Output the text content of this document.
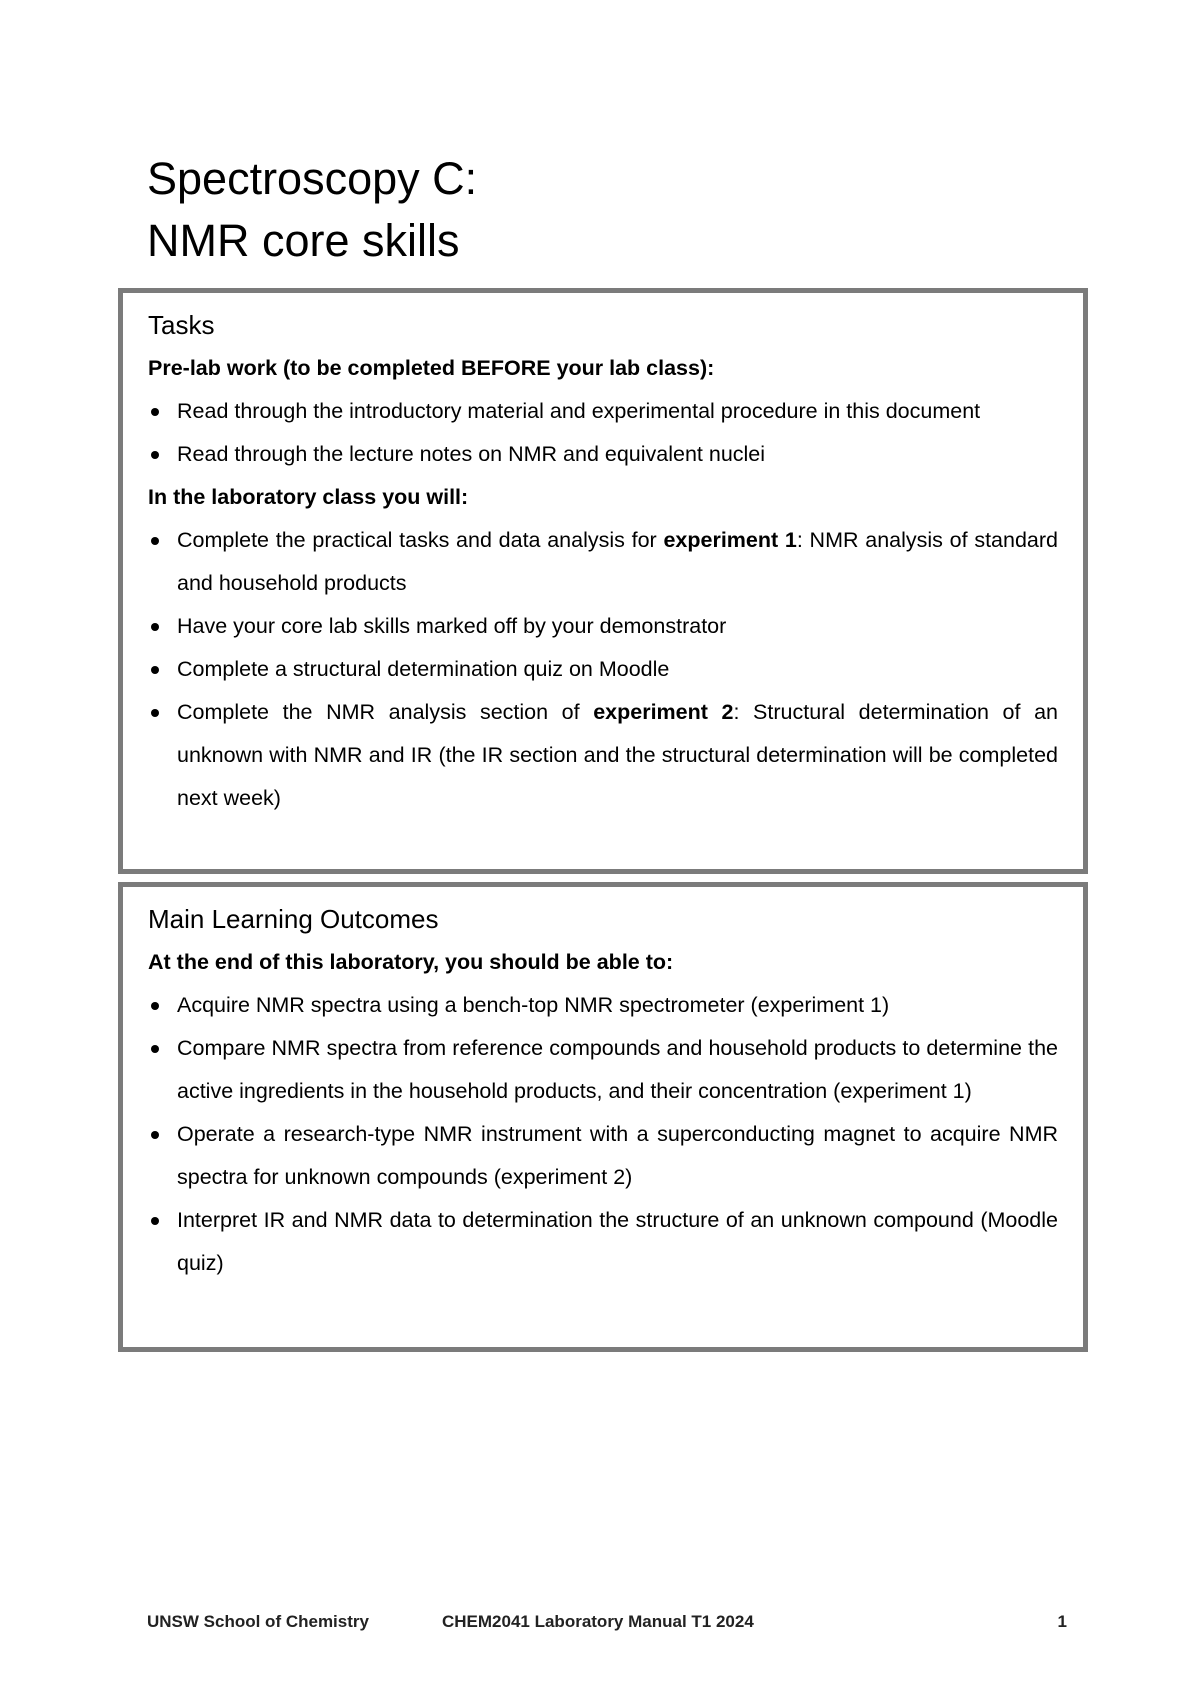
Spectroscopy C:
NMR core skills
Tasks
Pre-lab work (to be completed BEFORE your lab class):
Read through the introductory material and experimental procedure in this document
Read through the lecture notes on NMR and equivalent nuclei
In the laboratory class you will:
Complete the practical tasks and data analysis for experiment 1: NMR analysis of standard and household products
Have your core lab skills marked off by your demonstrator
Complete a structural determination quiz on Moodle
Complete the NMR analysis section of experiment 2: Structural determination of an unknown with NMR and IR (the IR section and the structural determination will be completed next week)
Main Learning Outcomes
At the end of this laboratory, you should be able to:
Acquire NMR spectra using a bench-top NMR spectrometer (experiment 1)
Compare NMR spectra from reference compounds and household products to determine the active ingredients in the household products, and their concentration (experiment 1)
Operate a research-type NMR instrument with a superconducting magnet to acquire NMR spectra for unknown compounds (experiment 2)
Interpret IR and NMR data to determination the structure of an unknown compound (Moodle quiz)
UNSW School of Chemistry	CHEM2041 Laboratory Manual T1 2024	1
